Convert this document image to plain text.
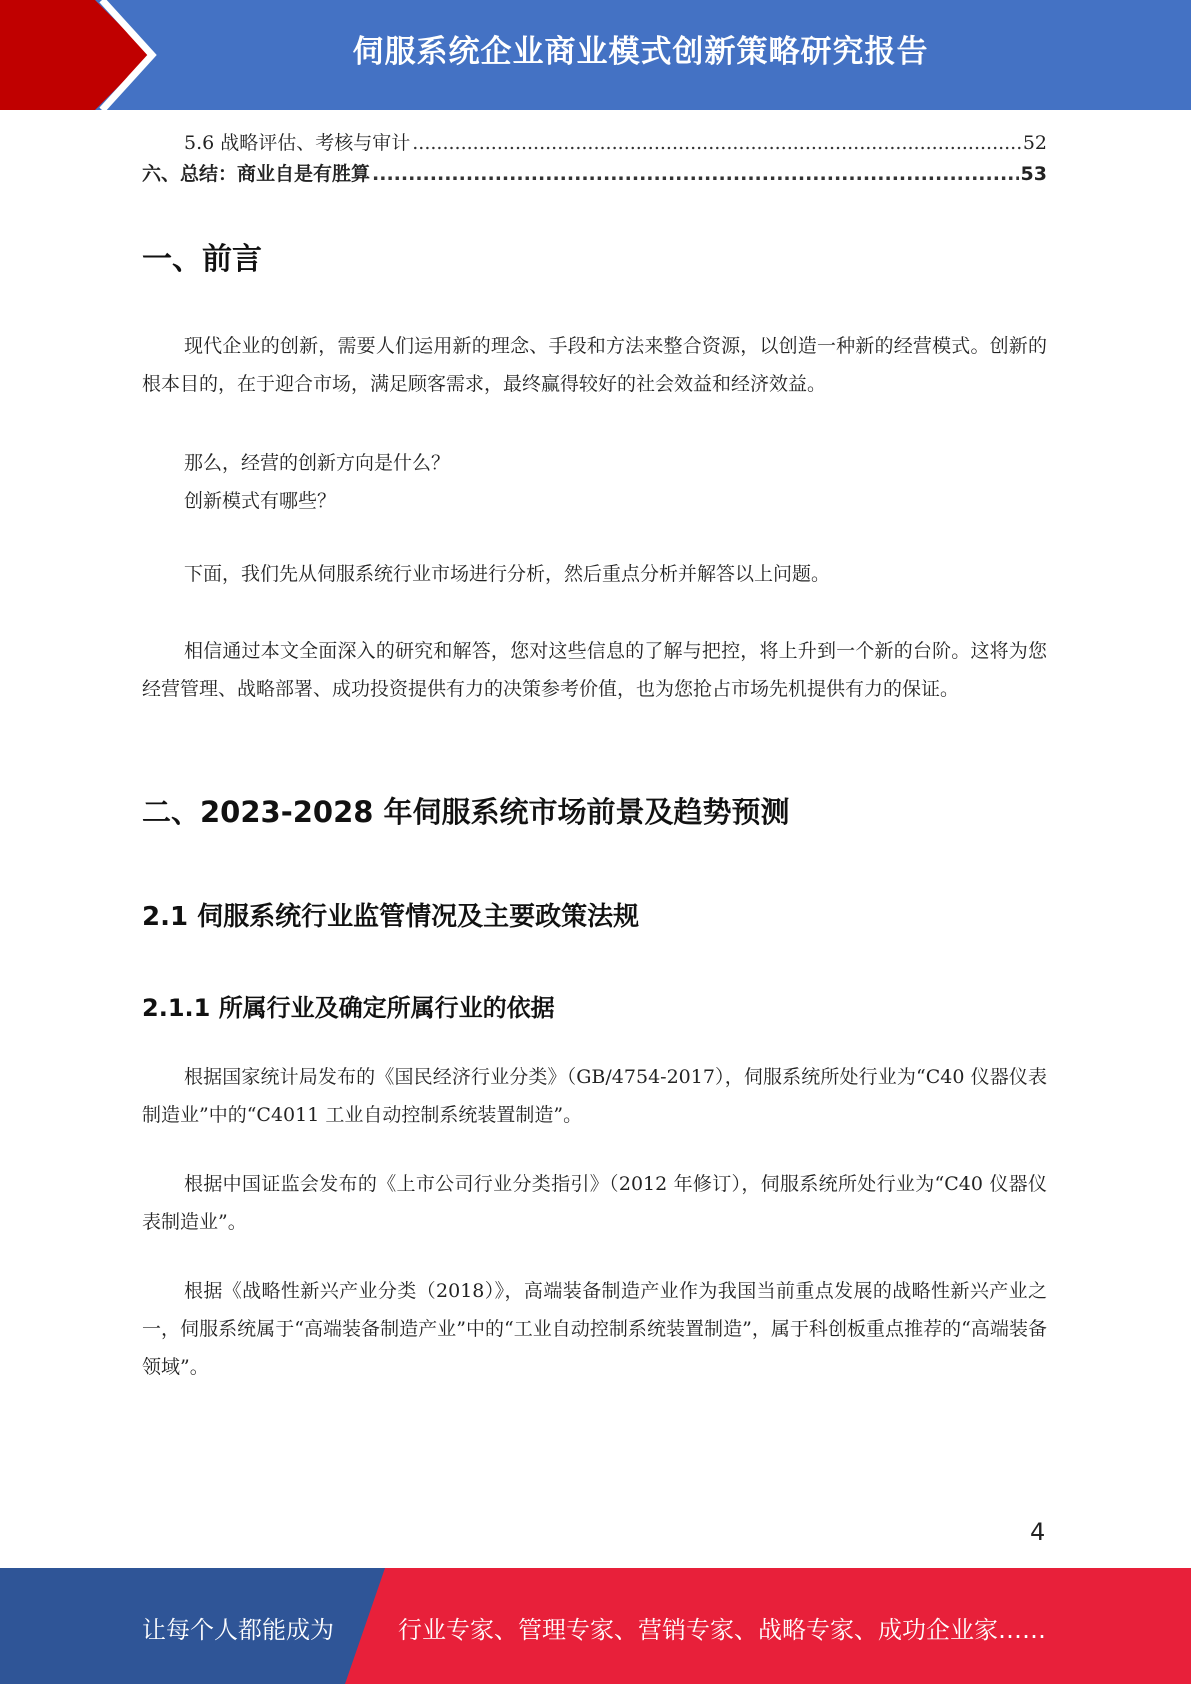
伺服系统企业商业模式创新策略研究报告
5.6 战略评估、考核与审计 .....	52
六、总结：商业自是有胜算 .....	53
一、前言

现代企业的创新，需要人们运用新的理念、手段和方法来整合资源，以创造一种新的经营模式。创新的根本目的，在于迎合市场，满足顾客需求，最终赢得较好的社会效益和经济效益。

那么，经营的创新方向是什么？

创新模式有哪些？

下面，我们先从伺服系统行业市场进行分析，然后重点分析并解答以上问题。

相信通过本文全面深入的研究和解答，您对这些信息的了解与把控，将上升到一个新的台阶。这将为您经营管理、战略部署、成功投资提供有力的决策参考价值，也为您抢占市场先机提供有力的保证。

二、2023-2028 年伺服系统市场前景及趋势预测
2.1 伺服系统行业监管情况及主要政策法规
2.1.1 所属行业及确定所属行业的依据

根据国家统计局发布的《国民经济行业分类》（GB/4754-2017），伺服系统所处行业为“C40 仪器仪表制造业”中的“C4011 工业自动控制系统装置制造”。

根据中国证监会发布的《上市公司行业分类指引》（2012 年修订），伺服系统所处行业为“C40 仪器仪表制造业”。

根据《战略性新兴产业分类（2018）》，高端装备制造产业作为我国当前重点发展的战略性新兴产业之一，伺服系统属于“高端装备制造产业”中的“工业自动控制系统装置制造”，属于科创板重点推荐的“高端装备领域”。

4
让每个人都能成为	行业专家、管理专家、营销专家、战略专家、成功企业家……
